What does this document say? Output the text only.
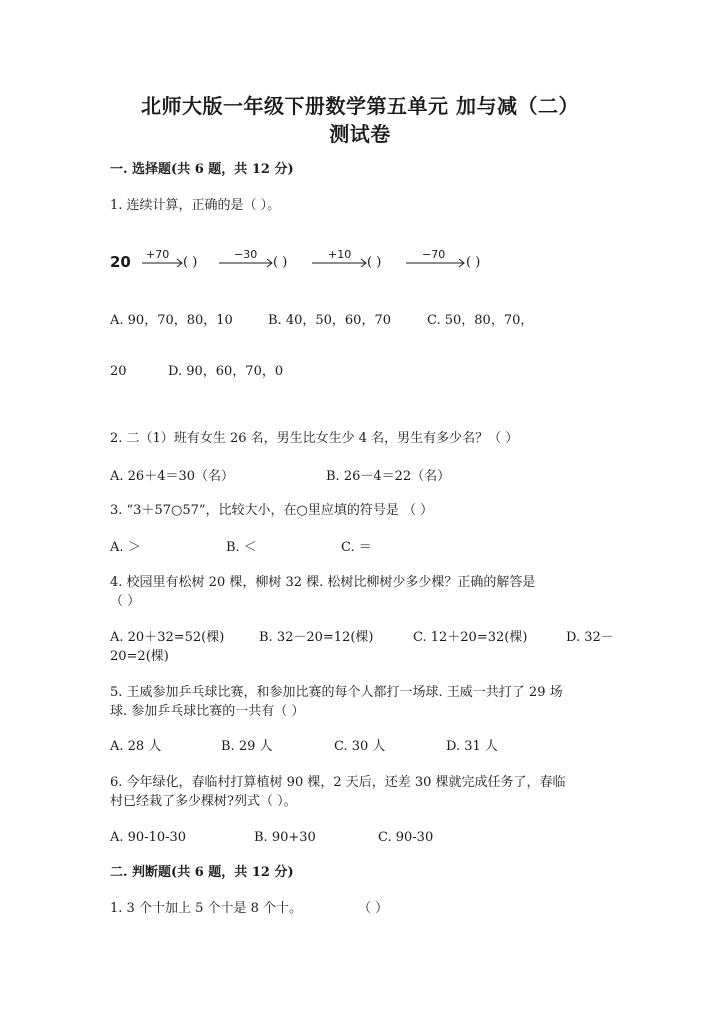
北师大版一年级下册数学第五单元 加与减（二）
测试卷
一. 选择题(共 6 题，共 12 分)
1. 连续计算，正确的是（ ）。
20 +70	−30	+10	−70
( )	( )	( )	( )
A. 90，70，80，10	B. 40，50，60，70	C. 50，80，70，
20	D. 90，60，70，0
2. 二（1）班有女生 26 名，男生比女生少 4 名，男生有多少名？（ ）
A. 26＋4＝30（名）	B. 26－4＝22（名）
3. “3＋57○57”，比较大小，在○里应填的符号是 （ ）
A. ＞	B. ＜	C. ＝
4. 校园里有松树 20 棵，柳树 32 棵. 松树比柳树少多少棵？正确的解答是
（ ）
A. 20＋32=52(棵)	B. 32－20=12(棵)	C. 12＋20=32(棵)	D. 32－
20=2(棵)
5. 王威参加乒乓球比赛，和参加比赛的每个人都打一场球. 王威一共打了 29 场
球. 参加乒乓球比赛的一共有（ ）
A. 28 人	B. 29 人	C. 30 人	D. 31 人
6. 今年绿化，春临村打算植树 90 棵，2 天后，还差 30 棵就完成任务了，春临
村已经栽了多少棵树?列式（ ）。
A. 90-10-30	B. 90+30	C. 90-30
二. 判断题(共 6 题，共 12 分)
1. 3 个十加上 5 个十是 8 个十。	（ ）
